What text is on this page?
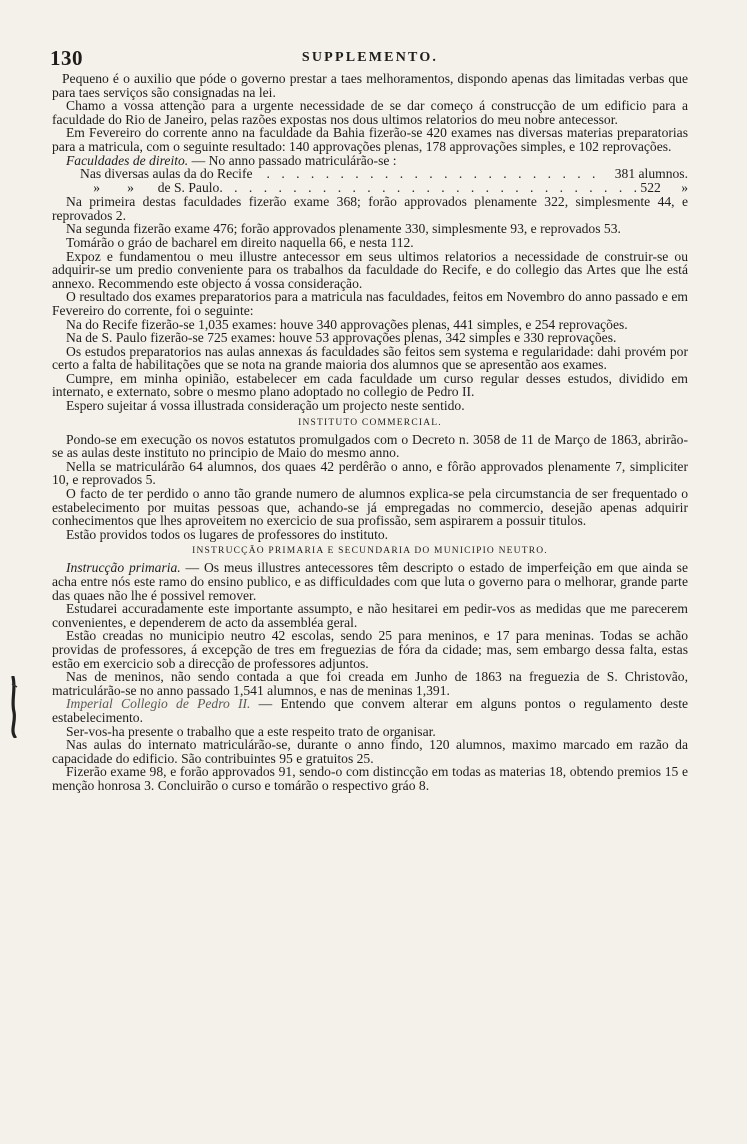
130	SUPPLEMENTO.

Pequeno é o auxilio que póde o governo prestar a taes melhoramentos, dispondo apenas das limitadas verbas que para taes serviços são consignadas na lei.

Chamo a vossa attenção para a urgente necessidade de se dar começo á construcção de um edificio para a faculdade do Rio de Janeiro, pelas razões expostas nos dous ultimos relatorios do meu nobre antecessor.

Em Fevereiro do corrente anno na faculdade da Bahia fizerão-se 420 exames nas diversas materias preparatorias para a matricula, com o seguinte resultado: 140 approvações plenas, 178 approvações simples, e 102 reprovações.

Faculdades de direito. — No anno passado matriculárão-se :

Nas diversas aulas da do Recife . . .	381 alumnos.
»        »       de S. Paulo . . .	522      »

Na primeira destas faculdades fizerão exame 368; forão approvados plenamente 322, simplesmente 44, e reprovados 2.

Na segunda fizerão exame 476; forão approvados plenamente 330, simplesmente 93, e reprovados 53.

Tomárão o gráo de bacharel em direito naquella 66, e nesta 112.

Expoz e fundamentou o meu illustre antecessor em seus ultimos relatorios a necessidade de construir-se ou adquirir-se um predio conveniente para os trabalhos da faculdade do Recife, e do collegio das Artes que lhe está annexo. Recommendo este objecto á vossa consideração.

O resultado dos exames preparatorios para a matricula nas faculdades, feitos em Novembro do anno passado e em Fevereiro do corrente, foi o seguinte:

Na do Recife fizerão-se 1,035 exames: houve 340 approvações plenas, 441 simples, e 254 reprovações.

Na de S. Paulo fizerão-se 725 exames: houve 53 approvações plenas, 342 simples e 330 reprovações.

Os estudos preparatorios nas aulas annexas ás faculdades são feitos sem systema e regularidade: dahi provém por certo a falta de habilitações que se nota na grande maioria dos alumnos que se apresentão aos exames.

Cumpre, em minha opinião, estabelecer em cada faculdade um curso regular desses estudos, dividido em internato, e externato, sobre o mesmo plano adoptado no collegio de Pedro II.

Espero sujeitar á vossa illustrada consideração um projecto neste sentido.

INSTITUTO COMMERCIAL.

Pondo-se em execução os novos estatutos promulgados com o Decreto n. 3058 de 11 de Março de 1863, abrirão-se as aulas deste instituto no principio de Maio do mesmo anno.

Nella se matriculárão 64 alumnos, dos quaes 42 perdêrão o anno, e fôrão approvados plenamente 7, simpliciter 10, e reprovados 5.

O facto de ter perdido o anno tão grande numero de alumnos explica-se pela circumstancia de ser frequentado o estabelecimento por muitas pessoas que, achando-se já empregadas no commercio, desejão apenas adquirir conhecimentos que lhes aproveitem no exercicio de sua profissão, sem aspirarem a possuir titulos.

Estão providos todos os lugares de professores do instituto.

INSTRUCÇÃO PRIMARIA E SECUNDARIA DO MUNICIPIO NEUTRO.

Instrucção primaria. — Os meus illustres antecessores têm descripto o estado de imperfeição em que ainda se acha entre nós este ramo do ensino publico, e as difficuldades com que luta o governo para o melhorar, grande parte das quaes não lhe é possivel remover.

Estudarei accuradamente este importante assumpto, e não hesitarei em pedir-vos as medidas que me parecerem convenientes, e dependerem de acto da assembléa geral.

Estão creadas no municipio neutro 42 escolas, sendo 25 para meninos, e 17 para meninas. Todas se achão providas de professores, á excepção de tres em freguezias de fóra da cidade; mas, sem embargo dessa falta, estas estão em exercicio sob a direcção de professores adjuntos.

Nas de meninos, não sendo contada a que foi creada em Junho de 1863 na freguezia de S. Christovão, matriculárão-se no anno passado 1,541 alumnos, e nas de meninas 1,391.

Imperial Collegio de Pedro II. — Entendo que convem alterar em alguns pontos o regulamento deste estabelecimento.

Ser-vos-ha presente o trabalho que a este respeito trato de organisar.

Nas aulas do internato matriculárão-se, durante o anno findo, 120 alumnos, maximo marcado em razão da capacidade do edificio. São contribuintes 95 e gratuitos 25.

Fizerão exame 98, e forão approvados 91, sendo-o com distincção em todas as materias 18, obtendo premios 15 e menção honrosa 3. Concluirão o curso e tomárão o respectivo gráo 8.
